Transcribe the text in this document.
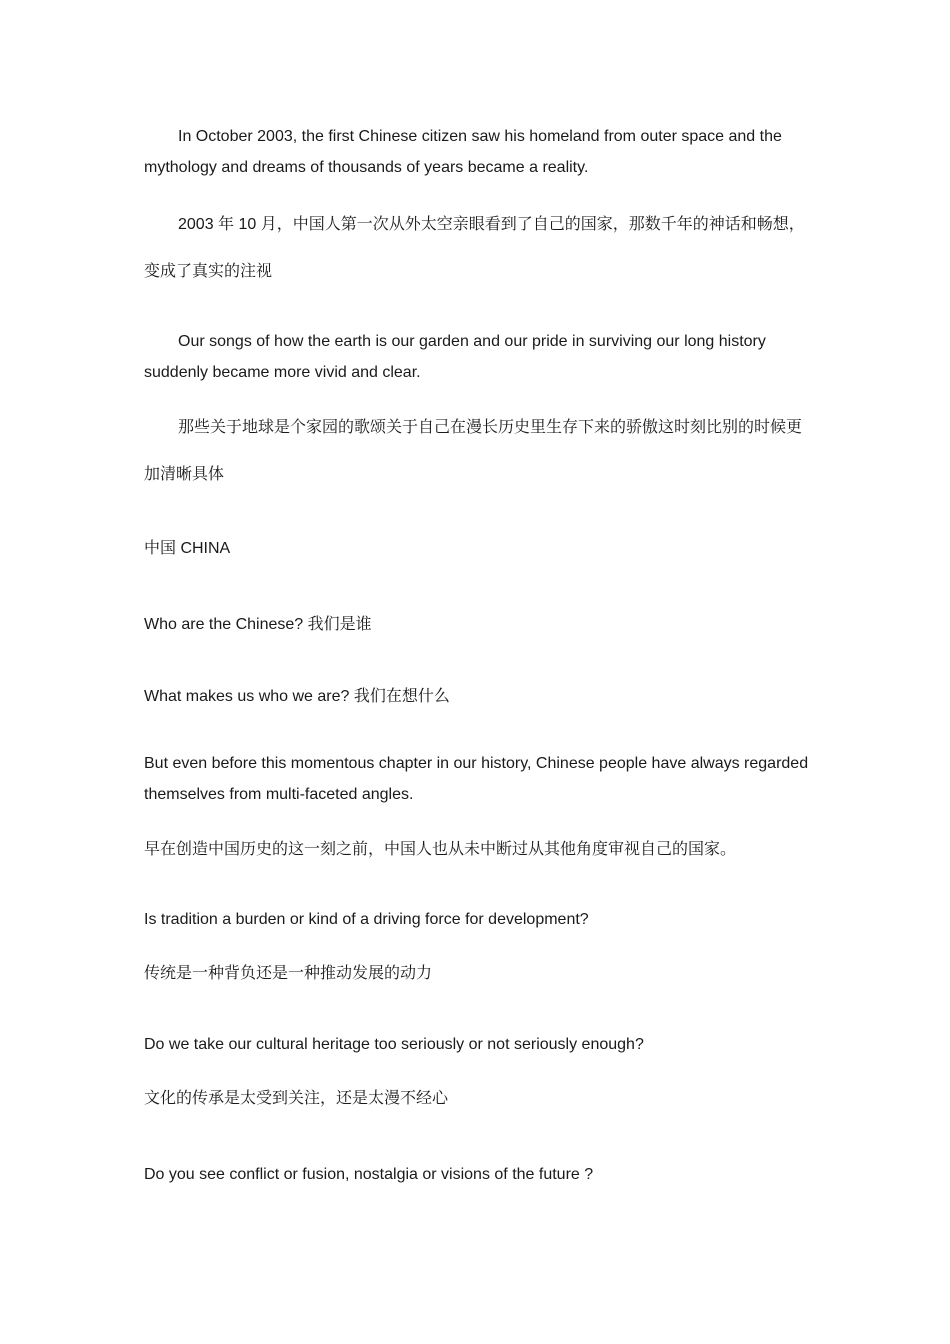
In October 2003, the first Chinese citizen saw his homeland from outer space and the mythology and dreams of thousands of years became a reality.

2003 年 10 月，中国人第一次从外太空亲眼看到了自己的国家，那数千年的神话和畅想，变成了真实的注视

Our songs of how the earth is our garden and our pride in surviving our long history suddenly became more vivid and clear.

那些关于地球是个家园的歌颂关于自己在漫长历史里生存下来的骄傲这时刻比别的时候更加清晰具体

中国 CHINA

Who are the Chinese? 我们是谁

What makes us who we are? 我们在想什么

But even before this momentous chapter in our history, Chinese people have always regarded themselves from multi-faceted angles.

早在创造中国历史的这一刻之前，中国人也从未中断过从其他角度审视自己的国家。

Is tradition a burden or kind of a driving force for development?

传统是一种背负还是一种推动发展的动力

Do we take our cultural heritage too seriously or not seriously enough?

文化的传承是太受到关注，还是太漫不经心

Do you see conflict or fusion, nostalgia or visions of the future ?
